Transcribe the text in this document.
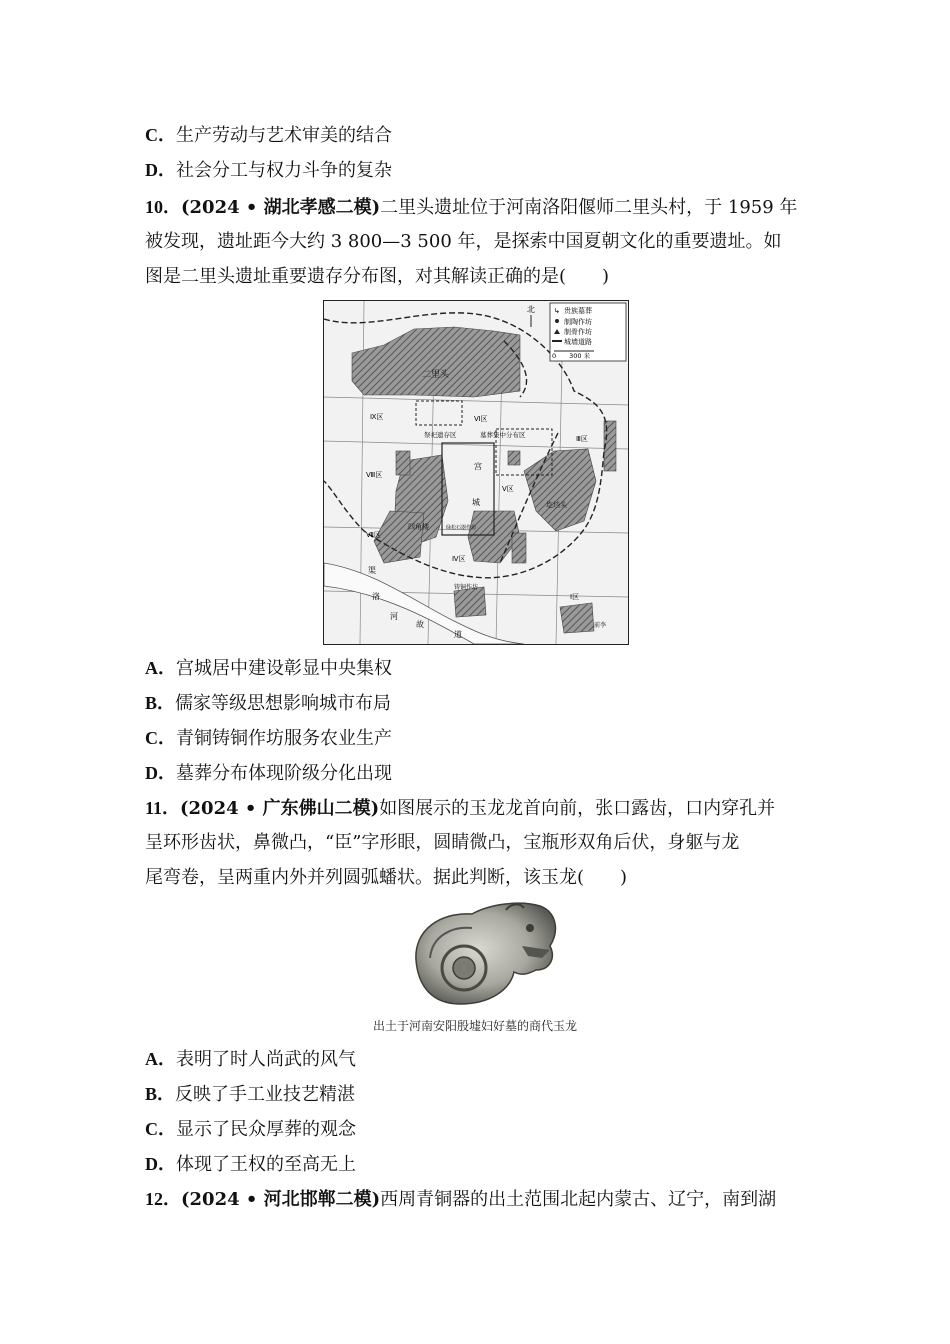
C．生产劳动与艺术审美的结合
D．社会分工与权力斗争的复杂
10．(2024 • 湖北孝感二模)二里头遗址位于河南洛阳偃师二里头村，于 1959 年
被发现，遗址距今大约 3 800—3 500 年，是探索中国夏朝文化的重要遗址。如
图是二里头遗址重要遗存分布图，对其解读正确的是(　　)
↳ 贵族墓葬
制陶作坊
制骨作坊
城墙道路
0　　300 米
北
二里头
Ⅸ区	Ⅵ区
Ⅲ区
Ⅷ区
Ⅶ区
Ⅴ区
Ⅳ区
Ⅰ区
祭祀遗存区	墓葬集中分布区
宫
城
四角楼	绿松石器作坊
铸铜作坊
圪垱头
渠
洛
河
故
道
前李
A．宫城居中建设彰显中央集权
B．儒家等级思想影响城市布局
C．青铜铸铜作坊服务农业生产
D．墓葬分布体现阶级分化出现
11．(2024 • 广东佛山二模)如图展示的玉龙龙首向前，张口露齿，口内穿孔并
呈环形齿状，鼻微凸，“臣”字形眼，圆睛微凸，宝瓶形双角后伏，身躯与龙
尾弯卷，呈两重内外并列圆弧蟠状。据此判断，该玉龙(　　)
出土于河南安阳殷墟妇好墓的商代玉龙
A．表明了时人尚武的风气
B．反映了手工业技艺精湛
C．显示了民众厚葬的观念
D．体现了王权的至高无上
12．(2024 • 河北邯郸二模)西周青铜器的出土范围北起内蒙古、辽宁，南到湖
